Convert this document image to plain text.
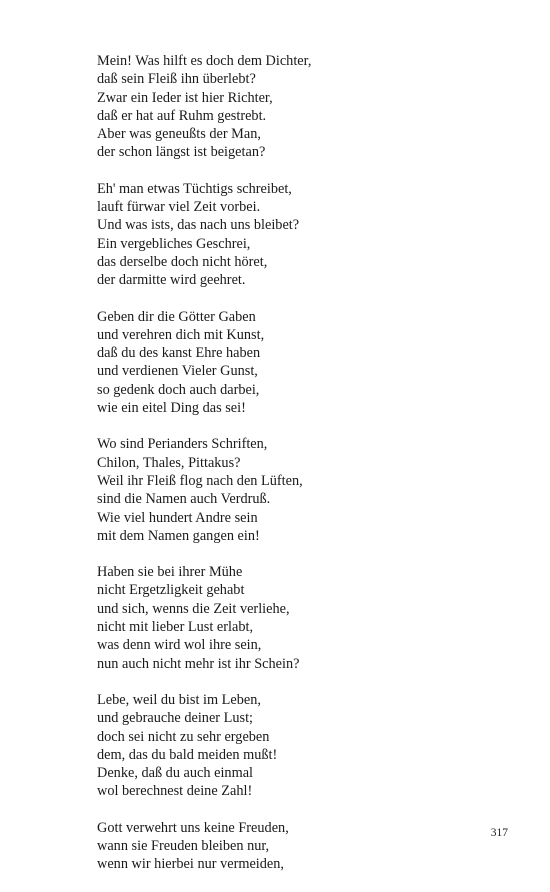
Mein! Was hilft es doch dem Dichter,
daß sein Fleiß ihn überlebt?
Zwar ein Ieder ist hier Richter,
daß er hat auf Ruhm gestrebt.
Aber was geneußts der Man,
der schon längst ist beigetan?
Eh' man etwas Tüchtigs schreibet,
lauft fürwar viel Zeit vorbei.
Und was ists, das nach uns bleibet?
Ein vergebliches Geschrei,
das derselbe doch nicht höret,
der darmitte wird geehret.
Geben dir die Götter Gaben
und verehren dich mit Kunst,
daß du des kanst Ehre haben
und verdienen Vieler Gunst,
so gedenk doch auch darbei,
wie ein eitel Ding das sei!
Wo sind Perianders Schriften,
Chilon, Thales, Pittakus?
Weil ihr Fleiß flog nach den Lüften,
sind die Namen auch Verdruß.
Wie viel hundert Andre sein
mit dem Namen gangen ein!
Haben sie bei ihrer Mühe
nicht Ergetzligkeit gehabt
und sich, wenns die Zeit verliehe,
nicht mit lieber Lust erlabt,
was denn wird wol ihre sein,
nun auch nicht mehr ist ihr Schein?
Lebe, weil du bist im Leben,
und gebrauche deiner Lust;
doch sei nicht zu sehr ergeben
dem, das du bald meiden mußt!
Denke, daß du auch einmal
wol berechnest deine Zahl!
Gott verwehrt uns keine Freuden,
wann sie Freuden bleiben nur,
wenn wir hierbei nur vermeiden,
317
